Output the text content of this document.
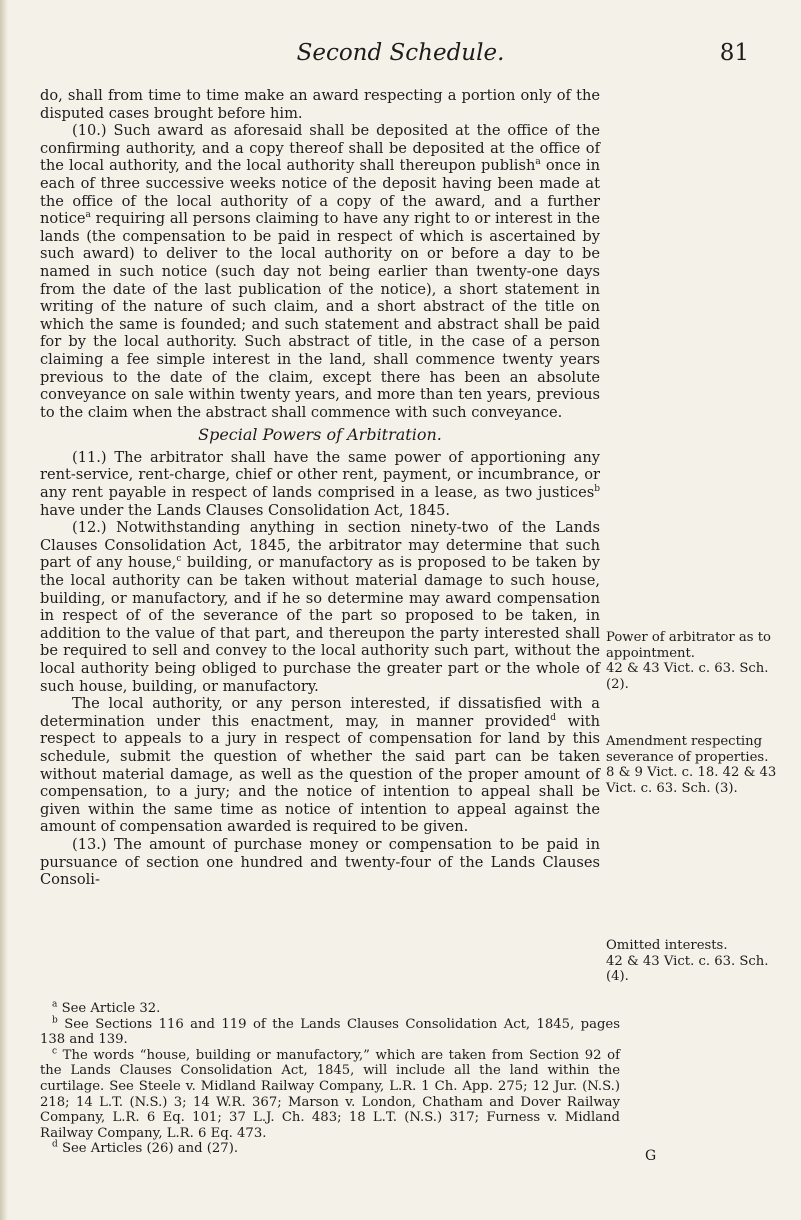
Second Schedule.	81

do, shall from time to time make an award respecting a portion only of the disputed cases brought before him.

(10.) Such award as aforesaid shall be deposited at the office of the confirming authority, and a copy thereof shall be deposited at the office of the local authority, and the local authority shall thereupon publish$^a$ once in each of three successive weeks notice of the deposit having been made at the office of the local authority of a copy of the award, and a further notice$^a$ requiring all persons claiming to have any right to or interest in the lands (the compensation to be paid in respect of which is ascertained by such award) to deliver to the local authority on or before a day to be named in such notice (such day not being earlier than twenty-one days from the date of the last publication of the notice), a short statement in writing of the nature of such claim, and a short abstract of the title on which the same is founded; and such statement and abstract shall be paid for by the local authority. Such abstract of title, in the case of a person claiming a fee simple interest in the land, shall commence twenty years previous to the date of the claim, except there has been an absolute conveyance on sale within twenty years, and more than ten years, previous to the claim when the abstract shall commence with such conveyance.

Special Powers of Arbitration.

(11.) The arbitrator shall have the same power of apportioning any rent-service, rent-charge, chief or other rent, payment, or incumbrance, or any rent payable in respect of lands comprised in a lease, as two justices$^b$ have under the Lands Clauses Consolidation Act, 1845.

(12.) Notwithstanding anything in section ninety-two of the Lands Clauses Consolidation Act, 1845, the arbitrator may determine that such part of any house,$^c$ building, or manufactory as is proposed to be taken by the local authority can be taken without material damage to such house, building, or manufactory, and if he so determine may award compensation in respect of of the severance of the part so proposed to be taken, in addition to the value of that part, and thereupon the party interested shall be required to sell and convey to the local authority such part, without the local authority being obliged to purchase the greater part or the whole of such house, building, or manufactory.

The local authority, or any person interested, if dissatisfied with a determination under this enactment, may, in manner provided$^d$ with respect to appeals to a jury in respect of compensation for land by this schedule, submit the question of whether the said part can be taken without material damage, as well as the question of the proper amount of compensation, to a jury; and the notice of intention to appeal shall be given within the same time as notice of intention to appeal against the amount of compensation awarded is required to be given.

(13.) The amount of purchase money or compensation to be paid in pursuance of section one hundred and twenty-four of the Lands Clauses Consoli-

Power of arbitrator as to appointment.
42 & 43 Vict. c. 63. Sch. (2).
Amendment respecting severance of properties.
8 & 9 Vict. c. 18. 42 & 43 Vict. c. 63. Sch. (3).
Omitted interests.
42 & 43 Vict. c. 63. Sch. (4).

$^a$ See Article 32.

$^b$ See Sections 116 and 119 of the Lands Clauses Consolidation Act, 1845, pages 138 and 139.

$^c$ The words “house, building or manufactory,” which are taken from Section 92 of the Lands Clauses Consolidation Act, 1845, will include all the land within the curtilage. See Steele v. Midland Railway Company, L.R. 1 Ch. App. 275; 12 Jur. (N.S.) 218; 14 L.T. (N.S.) 3; 14 W.R. 367; Marson v. London, Chatham and Dover Railway Company, L.R. 6 Eq. 101; 37 L.J. Ch. 483; 18 L.T. (N.S.) 317; Furness v. Midland Railway Company, L.R. 6 Eq. 473.

$^d$ See Articles (26) and (27).	G
